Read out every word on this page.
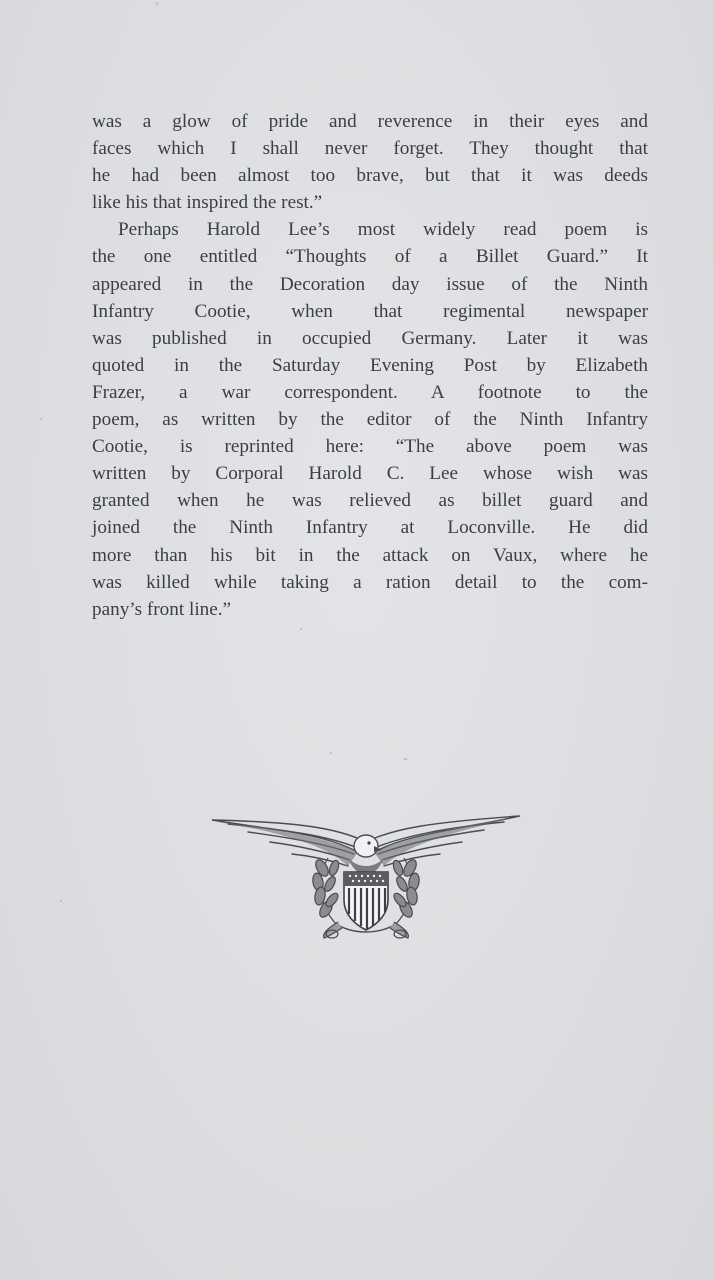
was a glow of pride and reverence in their eyes and
faces which I shall never forget. They thought that
he had been almost too brave, but that it was deeds
like his that inspired the rest.”
Perhaps Harold Lee’s most widely read poem is
the one entitled “Thoughts of a Billet Guard.” It
appeared in the Decoration day issue of the Ninth
Infantry Cootie, when that regimental newspaper
was published in occupied Germany. Later it was
quoted in the Saturday Evening Post by Elizabeth
Frazer, a war correspondent. A footnote to the
poem, as written by the editor of the Ninth Infantry
Cootie, is reprinted here: “The above poem was
written by Corporal Harold C. Lee whose wish was
granted when he was relieved as billet guard and
joined the Ninth Infantry at Loconville. He did
more than his bit in the attack on Vaux, where he
was killed while taking a ration detail to the com-
pany’s front line.”
